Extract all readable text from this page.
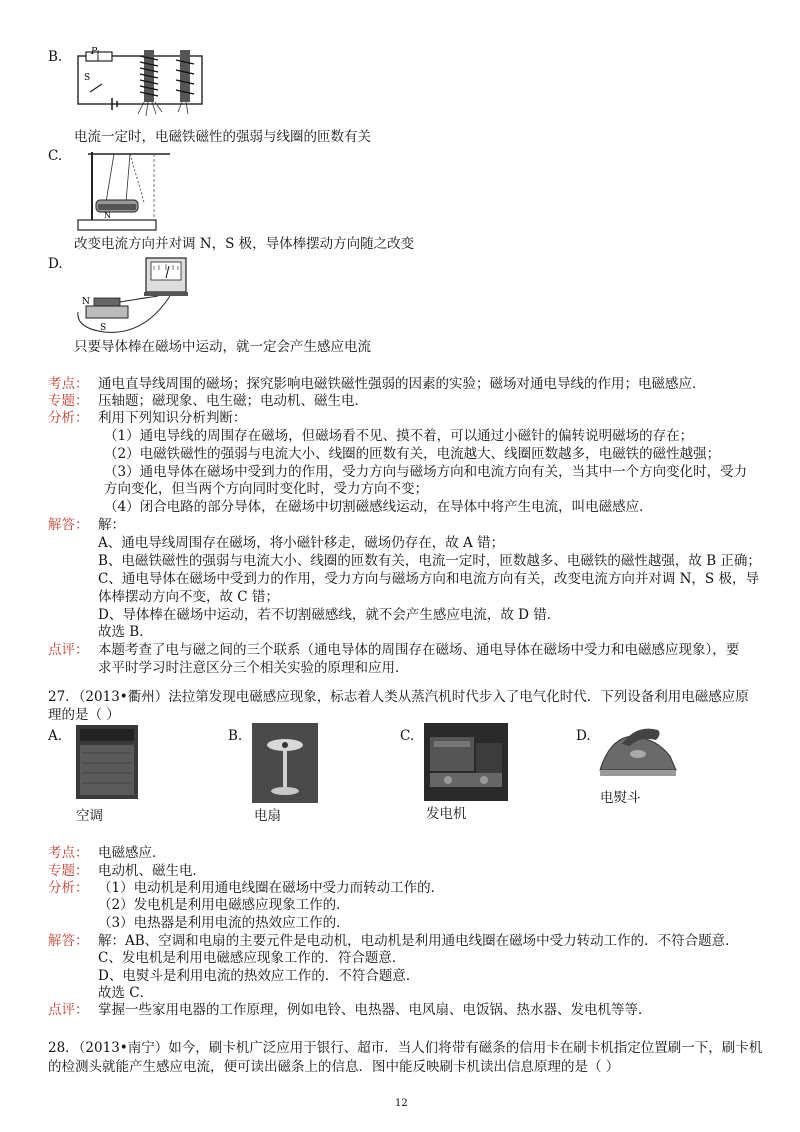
B.	P
S
电流一定时，电磁铁磁性的强弱与线圈的匝数有关
C.
N
改变电流方向并对调 N，S 极，导体棒摆动方向随之改变
D.
N
S
只要导体棒在磁场中运动，就一定会产生感应电流
考点： 通电直导线周围的磁场；探究影响电磁铁磁性强弱的因素的实验；磁场对通电导线的作用；电磁感应．
专题： 压轴题；磁现象、电生磁；电动机、磁生电．
分析： 利用下列知识分析判断：
（1）通电导线的周围存在磁场，但磁场看不见、摸不着，可以通过小磁针的偏转说明磁场的存在；
（2）电磁铁磁性的强弱与电流大小、线圈的匝数有关，电流越大、线圈匝数越多，电磁铁的磁性越强；
（3）通电导体在磁场中受到力的作用，受力方向与磁场方向和电流方向有关，当其中一个方向变化时，受力
方向变化，但当两个方向同时变化时，受力方向不变；
（4）闭合电路的部分导体，在磁场中切割磁感线运动，在导体中将产生电流，叫电磁感应．
解答： 解：
A、通电导线周围存在磁场，将小磁针移走，磁场仍存在，故 A 错；
B、电磁铁磁性的强弱与电流大小、线圈的匝数有关，电流一定时，匝数越多、电磁铁的磁性越强，故 B 正确；
C、通电导体在磁场中受到力的作用，受力方向与磁场方向和电流方向有关，改变电流方向并对调 N，S 极，导
体棒摆动方向不变，故 C 错；
D、导体棒在磁场中运动，若不切割磁感线，就不会产生感应电流，故 D 错．
故选 B．
点评： 本题考查了电与磁之间的三个联系（通电导体的周围存在磁场、通电导体在磁场中受力和电磁感应现象），要
求平时学习时注意区分三个相关实验的原理和应用．
27．（2013•衢州）法拉第发现电磁感应现象，标志着人类从蒸汽机时代步入了电气化时代．下列设备利用电磁感应原
理的是（ ）
A.
空调
B.
电扇
C.
发电机
D.
电熨斗
考点： 电磁感应．
专题： 电动机、磁生电．
分析： （1）电动机是利用通电线圈在磁场中受力而转动工作的．
（2）发电机是利用电磁感应现象工作的．
（3）电热器是利用电流的热效应工作的．
解答： 解：AB、空调和电扇的主要元件是电动机，电动机是利用通电线圈在磁场中受力转动工作的．不符合题意．
C、发电机是利用电磁感应现象工作的．符合题意．
D、电熨斗是利用电流的热效应工作的．不符合题意．
故选 C．
点评： 掌握一些家用电器的工作原理，例如电铃、电热器、电风扇、电饭锅、热水器、发电机等等．
28．（2013•南宁）如今，刷卡机广泛应用于银行、超市．当人们将带有磁条的信用卡在刷卡机指定位置刷一下，刷卡机
的检测头就能产生感应电流，便可读出磁条上的信息．图中能反映刷卡机读出信息原理的是（ ）
12
